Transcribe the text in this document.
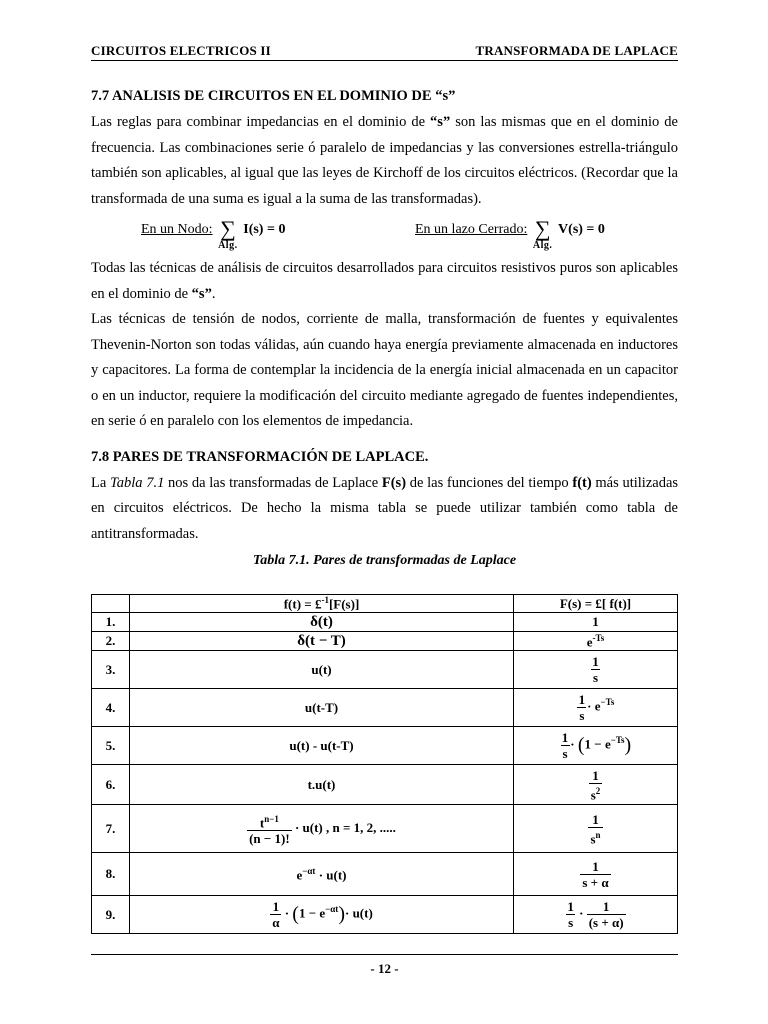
CIRCUITOS ELECTRICOS II	TRANSFORMADA DE LAPLACE
7.7 ANALISIS DE CIRCUITOS EN EL DOMINIO DE “s”

Las reglas para combinar impedancias en el dominio de “s” son las mismas que en el dominio de frecuencia. Las combinaciones serie ó paralelo de impedancias y las conversiones estrella-triángulo también son aplicables, al igual que las leyes de Kirchoff de los circuitos eléctricos. (Recordar que la transformada de una suma es igual a la suma de las transformadas).

En un Nodo: ∑
Alg.
I(s) = 0	En un lazo Cerrado: ∑
Alg.
V(s) = 0

Todas las técnicas de análisis de circuitos desarrollados para circuitos resistivos puros son aplicables en el dominio de “s”.

Las técnicas de tensión de nodos, corriente de malla, transformación de fuentes y equivalentes Thevenin-Norton son todas válidas, aún cuando haya energía previamente almacenada en inductores y capacitores. La forma de contemplar la incidencia de la energía inicial almacenada en un capacitor o en un inductor, requiere la modificación del circuito mediante agregado de fuentes independientes, en serie ó en paralelo con los elementos de impedancia.

7.8 PARES DE TRANSFORMACIÓN DE LAPLACE.

La Tabla 7.1 nos da las transformadas de Laplace F(s) de las funciones del tiempo f(t) más utilizadas en circuitos eléctricos. De hecho la misma tabla se puede utilizar también como tabla de antitransformadas.

Tabla 7.1. Pares de transformadas de Laplace
	f(t) = £$^{-1}$[F(s)]	F(s) = £[ f(t)]
1.	δ(t)	1
2.	δ(t − T)	$e^{-Ts}$
3.	u(t)	$\frac{1}{s}$

4.	u(t-T)	$\frac{1}{s} \cdot e^{-Ts}$
5.	u(t) - u(t-T)	$\frac{1}{s} \cdot (1 - e^{-Ts})$
6.	t.u(t)	$\frac{1}{s^2}$

7.	$\frac{t^{n-1}}{(n - 1)!} \cdot u(t)$ , n = 1, 2, .....	$\frac{1}{s^n}$

8.	$e^{-\alpha t} \cdot u(t)$	$\frac{1}{s + \alpha}$

9.	$\frac{1}{\alpha} \cdot (1 - e^{-\alpha t})\cdot u(t)$	$\frac{1}{s} \cdot \frac{1}{(s + \alpha)}$
- 12 -
